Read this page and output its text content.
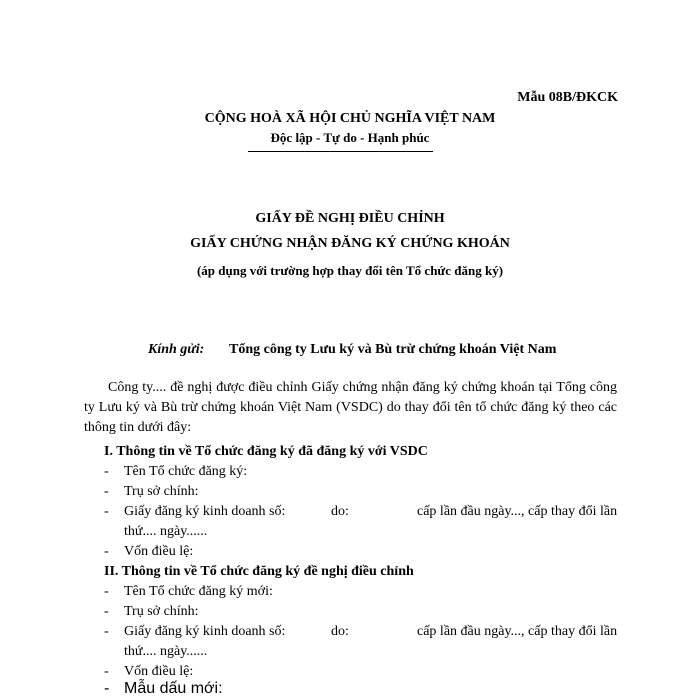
Mẫu 08B/ĐKCK
CỘNG HOÀ XÃ HỘI CHỦ NGHĨA VIỆT NAM
Độc lập - Tự do - Hạnh phúc
GIẤY ĐỀ NGHỊ ĐIỀU CHỈNH
GIẤY CHỨNG NHẬN ĐĂNG KÝ CHỨNG KHOÁN
(áp dụng với trường hợp thay đổi tên Tổ chức đăng ký)
Kính gửi: Tổng công ty Lưu ký và Bù trừ chứng khoán Việt Nam

Công ty.... đề nghị được điều chỉnh Giấy chứng nhận đăng ký chứng khoán tại Tổng công ty Lưu ký và Bù trừ chứng khoán Việt Nam (VSDC) do thay đổi tên tổ chức đăng ký theo các thông tin dưới đây:

I. Thông tin về Tổ chức đăng ký đã đăng ký với VSDC
- Tên Tổ chức đăng ký:
- Trụ sở chính:
- Giấy đăng ký kinh doanh số:	do:	cấp lần đầu ngày..., cấp thay đổi lần
thứ.... ngày......
- Vốn điều lệ:
II. Thông tin về Tổ chức đăng ký đề nghị điều chỉnh
- Tên Tổ chức đăng ký mới:
- Trụ sở chính:
- Giấy đăng ký kinh doanh số:	do:	cấp lần đầu ngày..., cấp thay đổi lần
thứ.... ngày......
- Vốn điều lệ:
- Mẫu dấu mới:
